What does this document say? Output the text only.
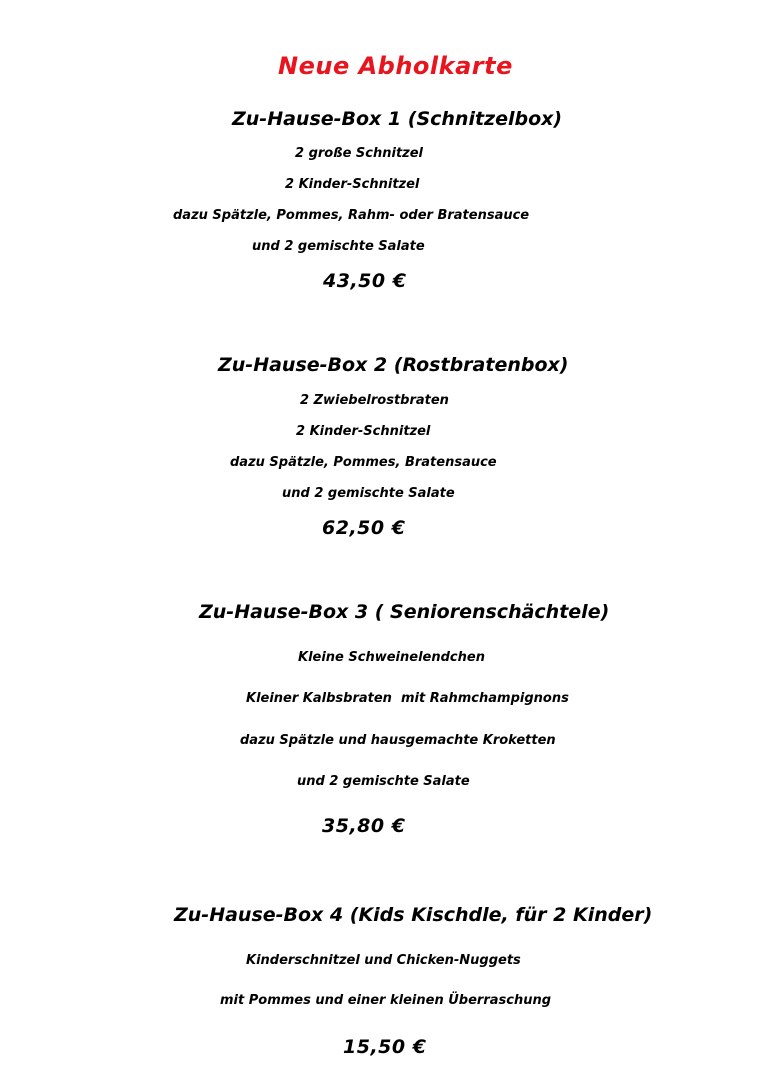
Neue Abholkarte
Zu-Hause-Box 1 (Schnitzelbox)
2 große Schnitzel
2 Kinder-Schnitzel
dazu Spätzle, Pommes, Rahm- oder Bratensauce
und 2 gemischte Salate
43,50 €
Zu-Hause-Box 2 (Rostbratenbox)
2 Zwiebelrostbraten
2 Kinder-Schnitzel
dazu Spätzle, Pommes, Bratensauce
und 2 gemischte Salate
62,50 €
Zu-Hause-Box 3 ( Seniorenschächtele)
Kleine Schweinelendchen
Kleiner Kalbsbraten  mit Rahmchampignons
dazu Spätzle und hausgemachte Kroketten
und 2 gemischte Salate
35,80 €
Zu-Hause-Box 4 (Kids Kischdle, für 2 Kinder)
Kinderschnitzel und Chicken-Nuggets
mit Pommes und einer kleinen Überraschung
15,50 €
